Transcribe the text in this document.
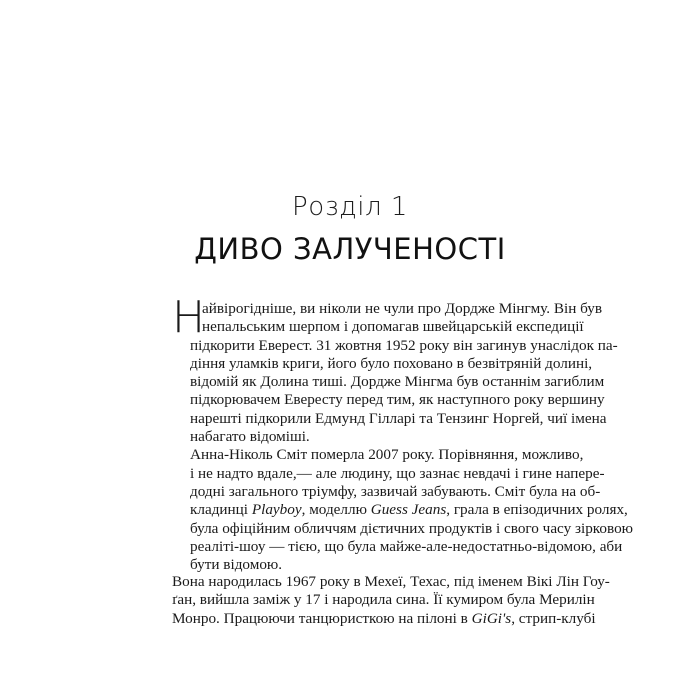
Розділ 1
ДИВО ЗАЛУЧЕНОСТІ
Н
айвірогідніше, ви ніколи не чули про Дордже Мінгму. Він був
непальським шерпом і допомагав швейцарській експедиції
підкорити Еверест. 31 жовтня 1952 року він загинув унаслідок па-
діння уламків криги, його було поховано в безвітряній долині,
відомій як Долина тиші. Дордже Мінгма був останнім загиблим
підкорювачем Евересту перед тим, як наступного року вершину
нарешті підкорили Едмунд Гілларі та Тензинг Норгей, чиї імена
набагато відоміші.
Анна-Ніколь Сміт померла 2007 року. Порівняння, можливо,
і не надто вдале,— але людину, що зазнає невдачі і гине напере-
додні загального тріумфу, зазвичай забувають. Сміт була на об-
кладинці Playboy, моделлю Guess Jeans, грала в епізодичних ролях,
була офіційним обличчям дієтичних продуктів і свого часу зірковою
реаліті-шоу — тією, що була майже-але-недостатньо-відомою, аби
бути відомою.
Вона народилась 1967 року в Мехеї, Техас, під іменем Вікі Лін Гоу-
ґан, вийшла заміж у 17 і народила сина. Її кумиром була Мерилін
Монро. Працюючи танцюристкою на пілоні в GiGi's, стрип-клубі
